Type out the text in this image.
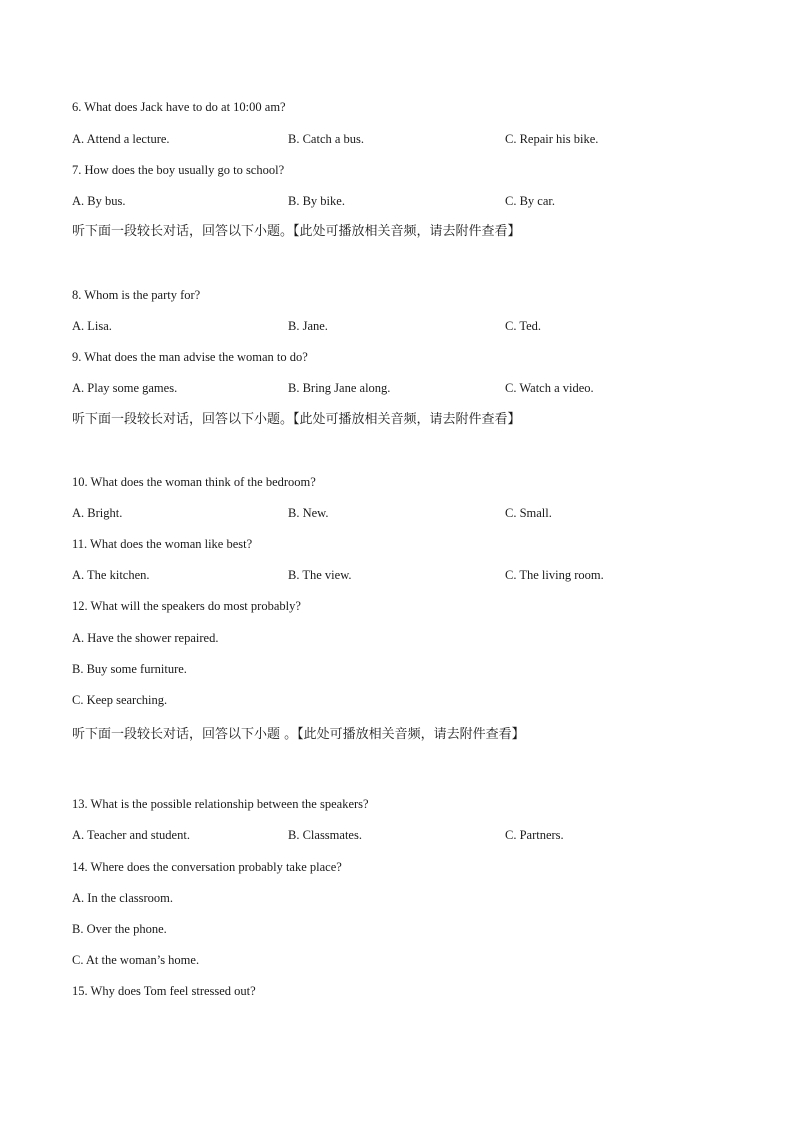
6. What does Jack have to do at 10:00 am?
A. Attend a lecture.	B. Catch a bus.	C. Repair his bike.
7. How does the boy usually go to school?
A. By bus.	B. By bike.	C. By car.
听下面一段较长对话，回答以下小题。【此处可播放相关音频，请去附件查看】
8. Whom is the party for?
A. Lisa.	B. Jane.	C. Ted.
9. What does the man advise the woman to do?
A. Play some games.	B. Bring Jane along.	C. Watch a video.
听下面一段较长对话，回答以下小题。【此处可播放相关音频，请去附件查看】
10. What does the woman think of the bedroom?
A. Bright.	B. New.	C. Small.
11. What does the woman like best?
A. The kitchen.	B. The view.	C. The living room.
12. What will the speakers do most probably?
A. Have the shower repaired.
B. Buy some furniture.
C. Keep searching.
听下面一段较长对话，回答以下小题 。【此处可播放相关音频，请去附件查看】
13. What is the possible relationship between the speakers?
A. Teacher and student.	B. Classmates.	C. Partners.
14. Where does the conversation probably take place?
A. In the classroom.
B. Over the phone.
C. At the woman’s home.
15. Why does Tom feel stressed out?
